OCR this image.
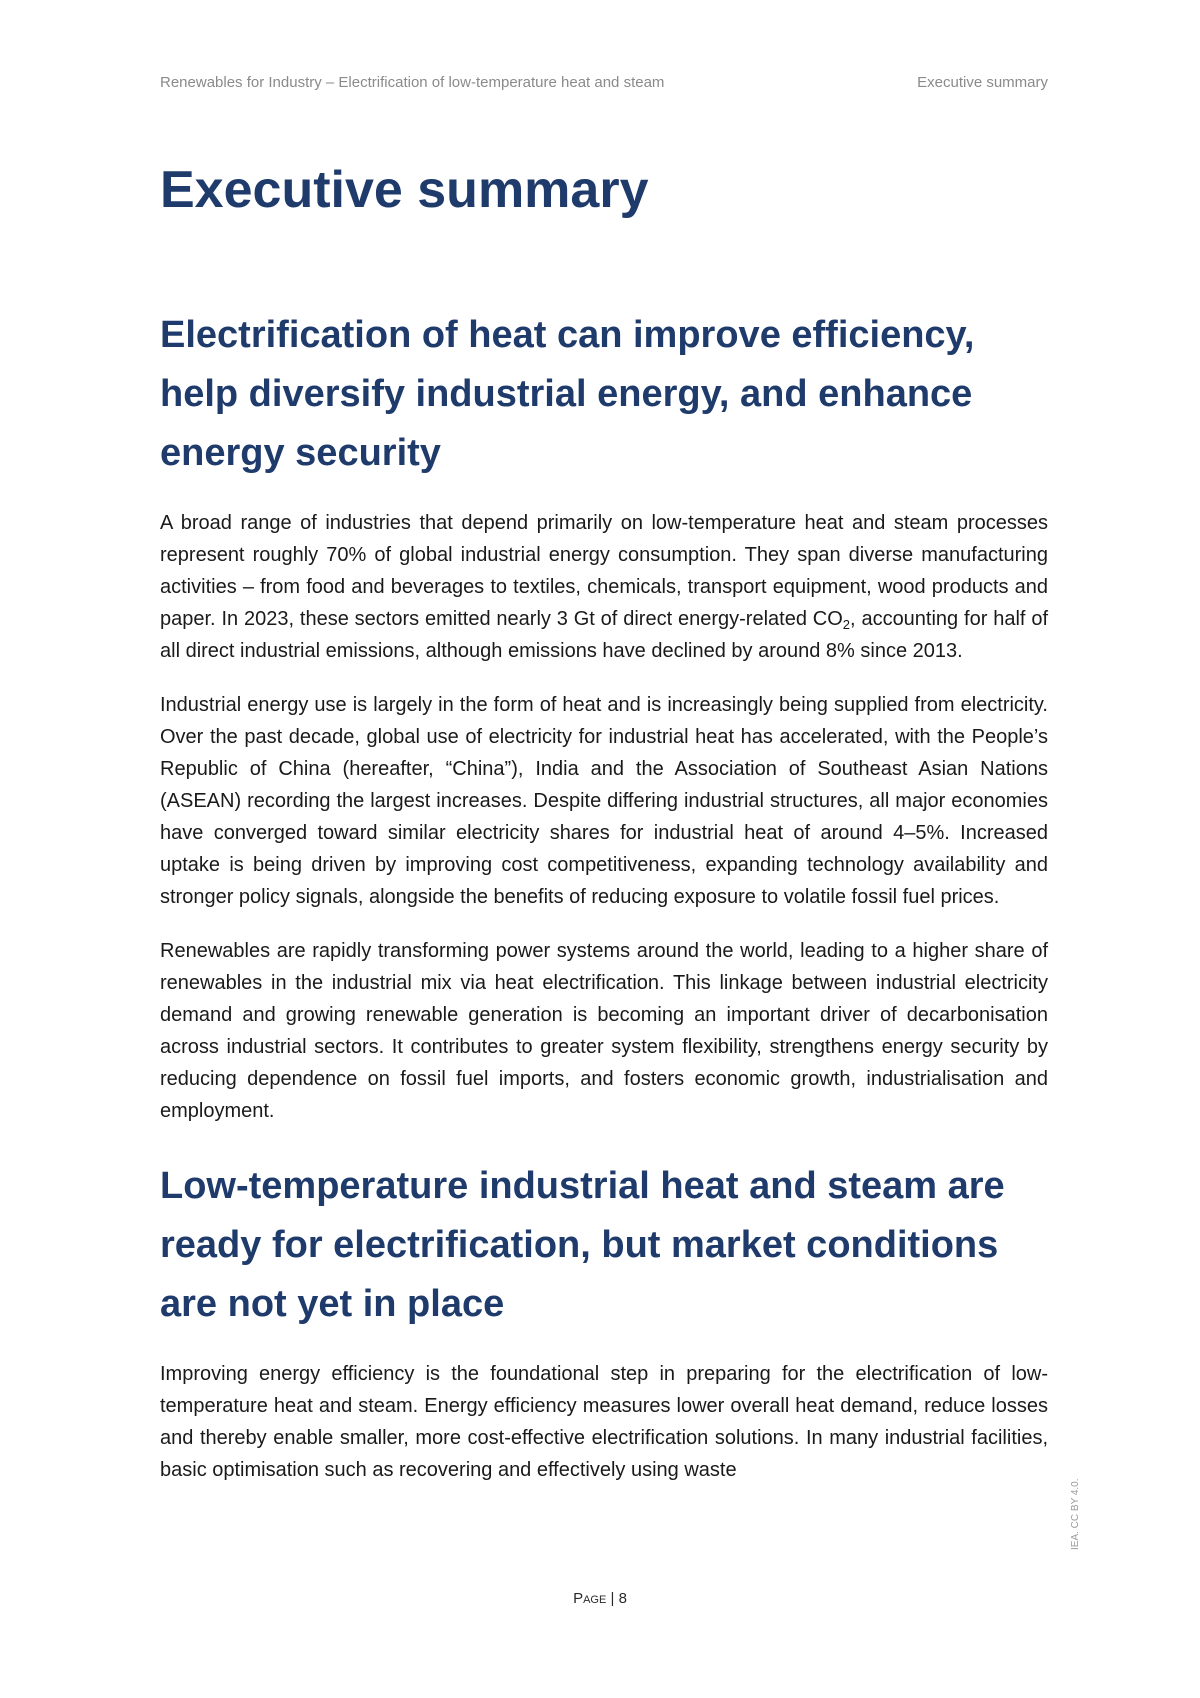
Renewables for Industry – Electrification of low-temperature heat and steam	Executive summary
Executive summary
Electrification of heat can improve efficiency, help diversify industrial energy, and enhance energy security

A broad range of industries that depend primarily on low-temperature heat and steam processes represent roughly 70% of global industrial energy consumption. They span diverse manufacturing activities – from food and beverages to textiles, chemicals, transport equipment, wood products and paper. In 2023, these sectors emitted nearly 3 Gt of direct energy-related $CO_2$, accounting for half of all direct industrial emissions, although emissions have declined by around 8% since 2013.

Industrial energy use is largely in the form of heat and is increasingly being supplied from electricity. Over the past decade, global use of electricity for industrial heat has accelerated, with the People’s Republic of China (hereafter, “China”), India and the Association of Southeast Asian Nations (ASEAN) recording the largest increases. Despite differing industrial structures, all major economies have converged toward similar electricity shares for industrial heat of around 4–5%. Increased uptake is being driven by improving cost competitiveness, expanding technology availability and stronger policy signals, alongside the benefits of reducing exposure to volatile fossil fuel prices.

Renewables are rapidly transforming power systems around the world, leading to a higher share of renewables in the industrial mix via heat electrification. This linkage between industrial electricity demand and growing renewable generation is becoming an important driver of decarbonisation across industrial sectors. It contributes to greater system flexibility, strengthens energy security by reducing dependence on fossil fuel imports, and fosters economic growth, industrialisation and employment.

Low-temperature industrial heat and steam are ready for electrification, but market conditions are not yet in place

Improving energy efficiency is the foundational step in preparing for the electrification of low-temperature heat and steam. Energy efficiency measures lower overall heat demand, reduce losses and thereby enable smaller, more cost-effective electrification solutions. In many industrial facilities, basic optimisation such as recovering and effectively using waste

Page | 8
IEA. CC BY 4.0.
